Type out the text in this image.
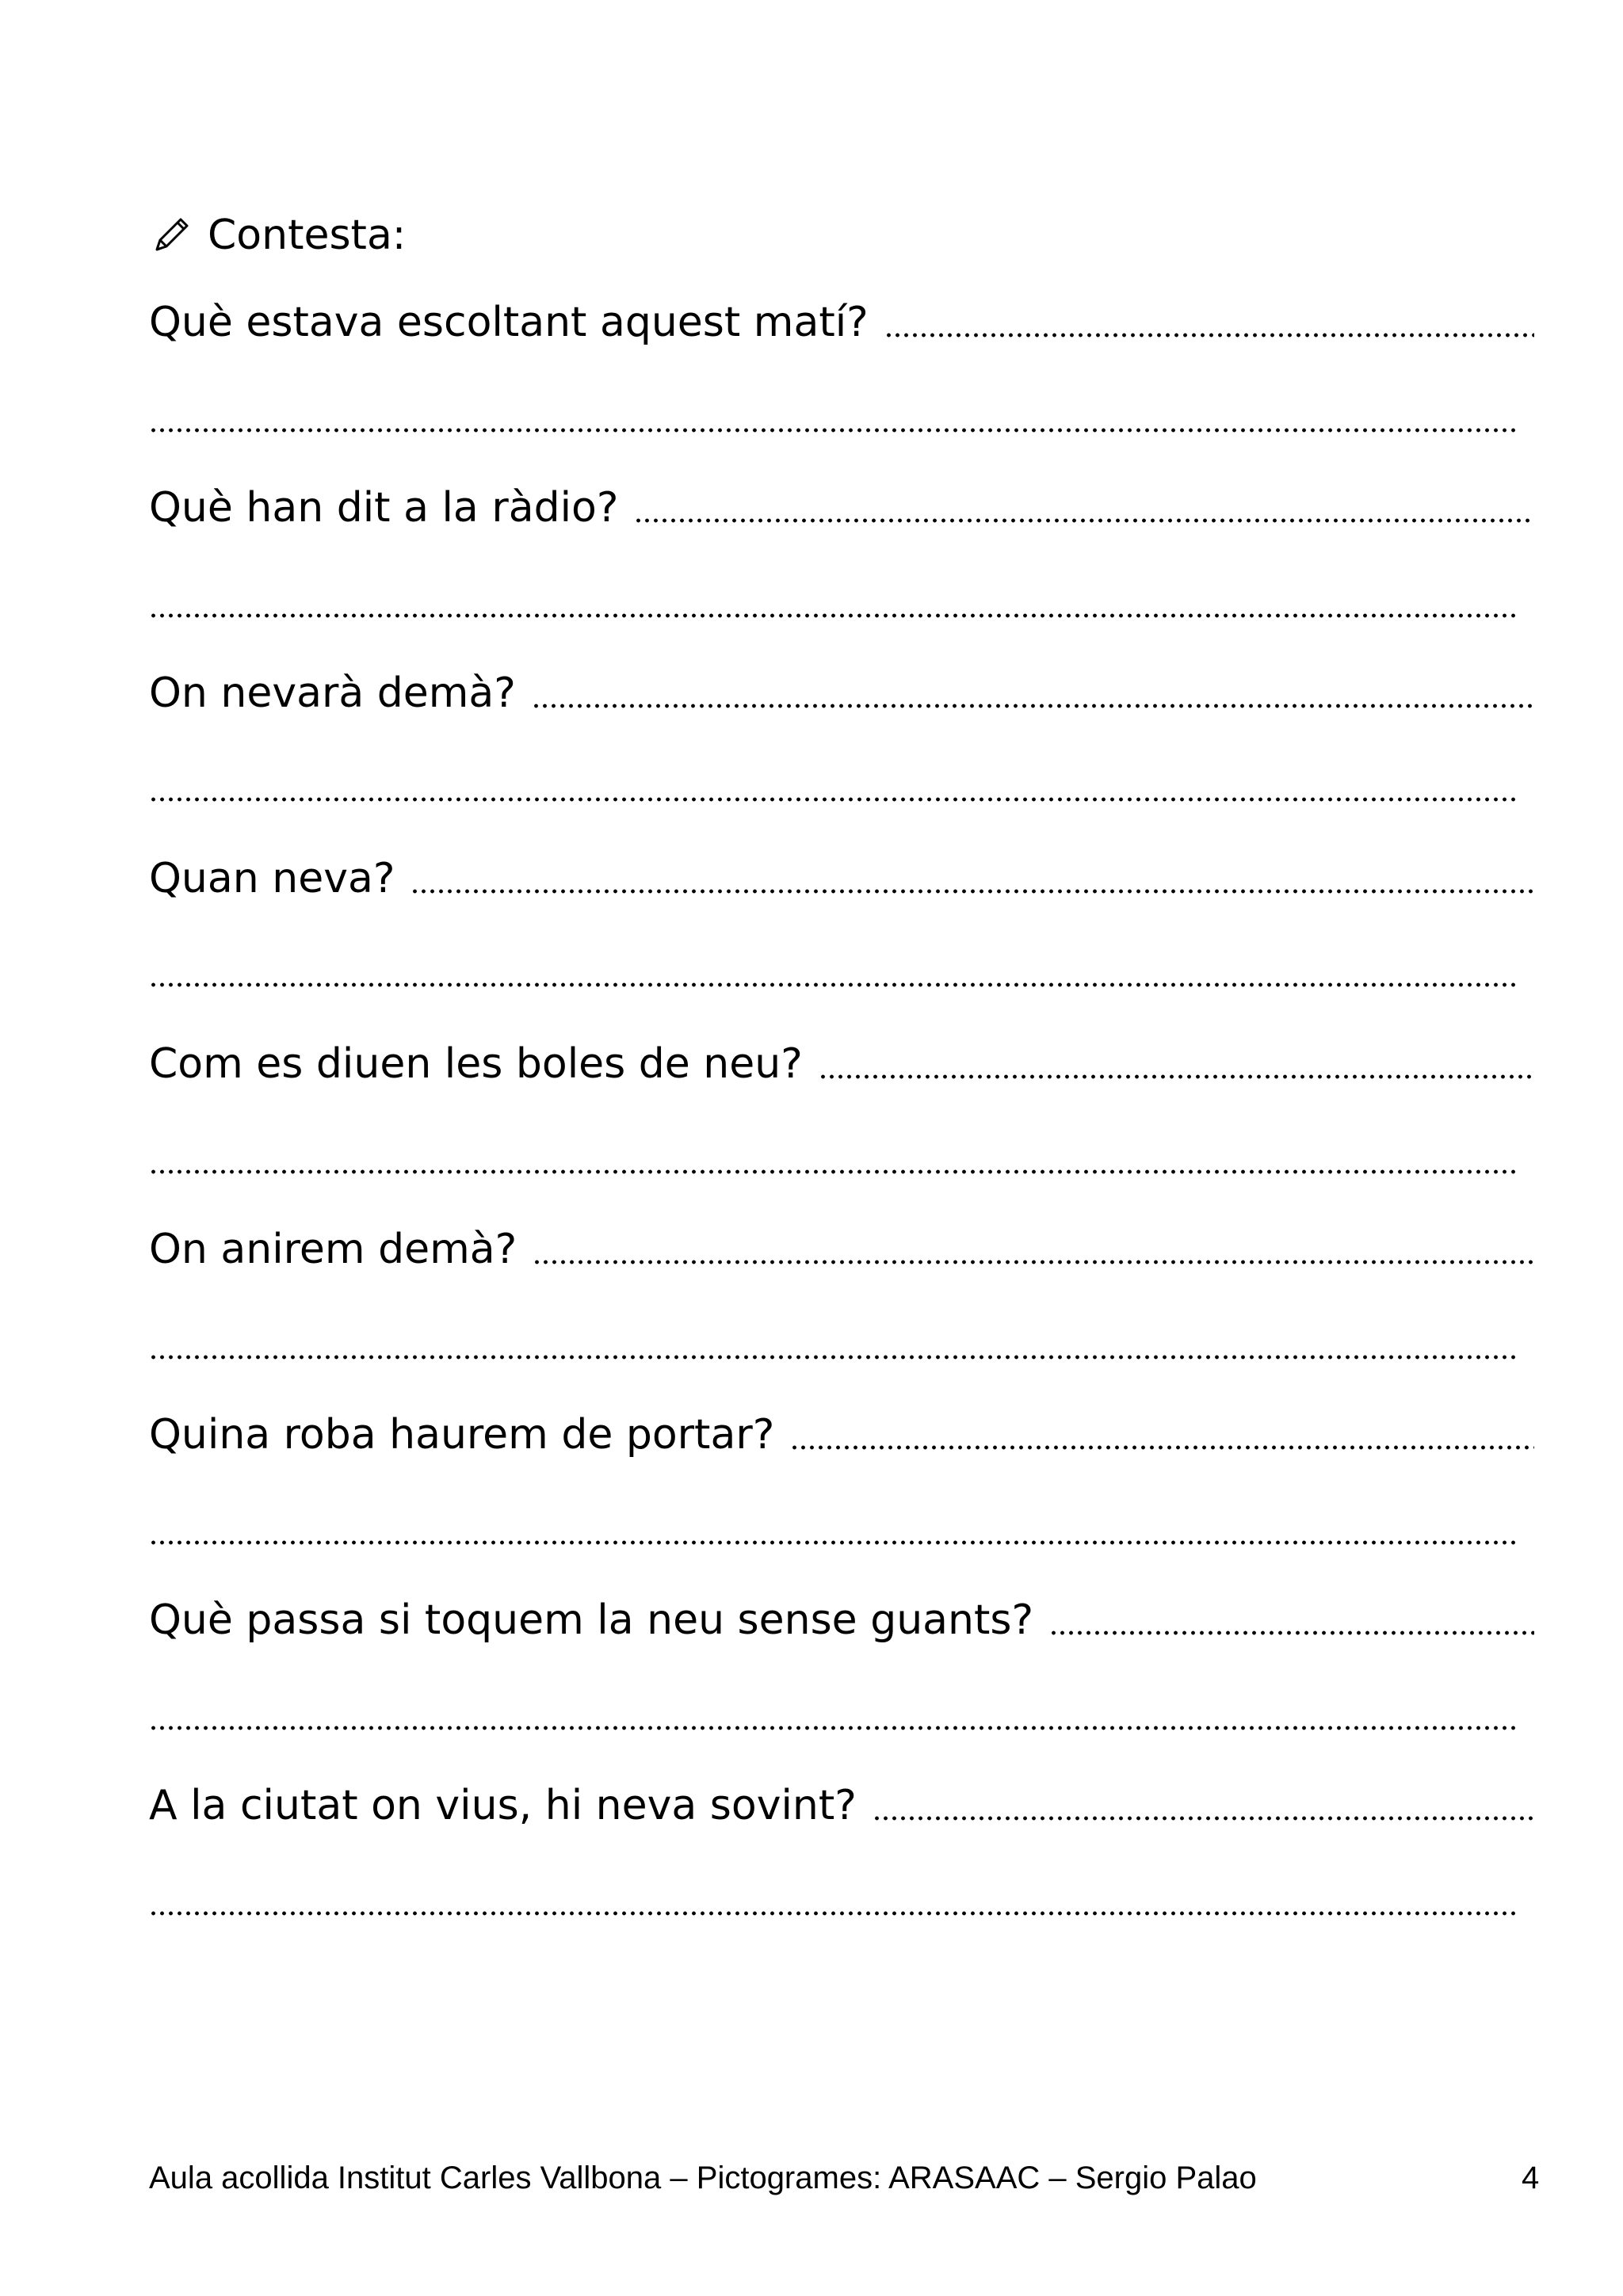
Contesta:
Què estava escoltant aquest matí?
Què han dit a la ràdio?
On nevarà demà?
Quan neva?
Com es diuen les boles de neu?
On anirem demà?
Quina roba haurem de portar?
Què passa si toquem la neu sense guants?
A la ciutat on vius, hi neva sovint?
Aula acollida Institut Carles Vallbona – Pictogrames: ARASAAC – Sergio Palao	4
